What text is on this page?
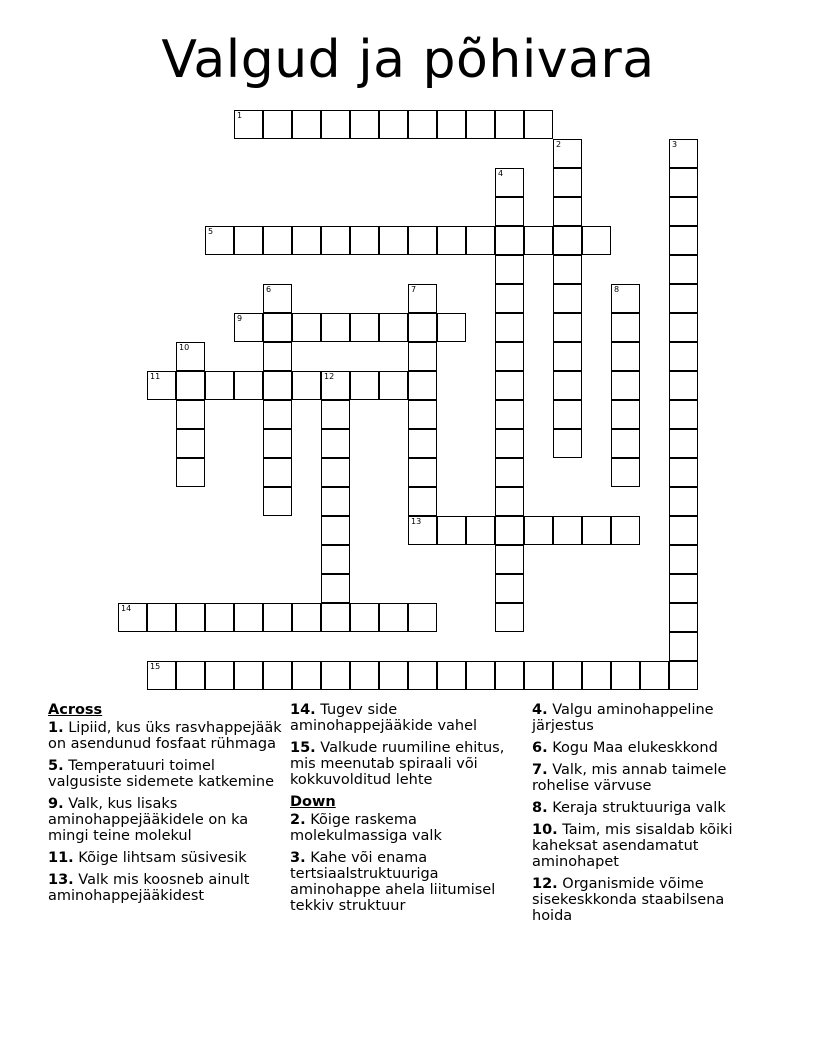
Valgud ja põhivara
1
2	3
4
5
6	7
13
8
9
10
11	12
14
15
Across
1. Lipiid, kus üks rasvhappejääk on asendunud fosfaat rühmaga
5. Temperatuuri toimel valgusiste sidemete katkemine
9. Valk, kus lisaks aminohappejääkidele on ka mingi teine molekul
11. Kõige lihtsam süsivesik
13. Valk mis koosneb ainult aminohappejääkidest
14. Tugev side aminohappejääkide vahel
15. Valkude ruumiline ehitus, mis meenutab spiraali või kokkuvolditud lehte
Down
2. Kõige raskema molekulmassiga valk
3. Kahe või enama tertsiaalstruktuuriga aminohappe ahela liitumisel tekkiv struktuur
4. Valgu aminohappeline järjestus
6. Kogu Maa elukeskkond
7. Valk, mis annab taimele rohelise värvuse
8. Keraja struktuuriga valk
10. Taim, mis sisaldab kõiki kaheksat asendamatut aminohapet
12. Organismide võime sisekeskkonda staabilsena hoida
